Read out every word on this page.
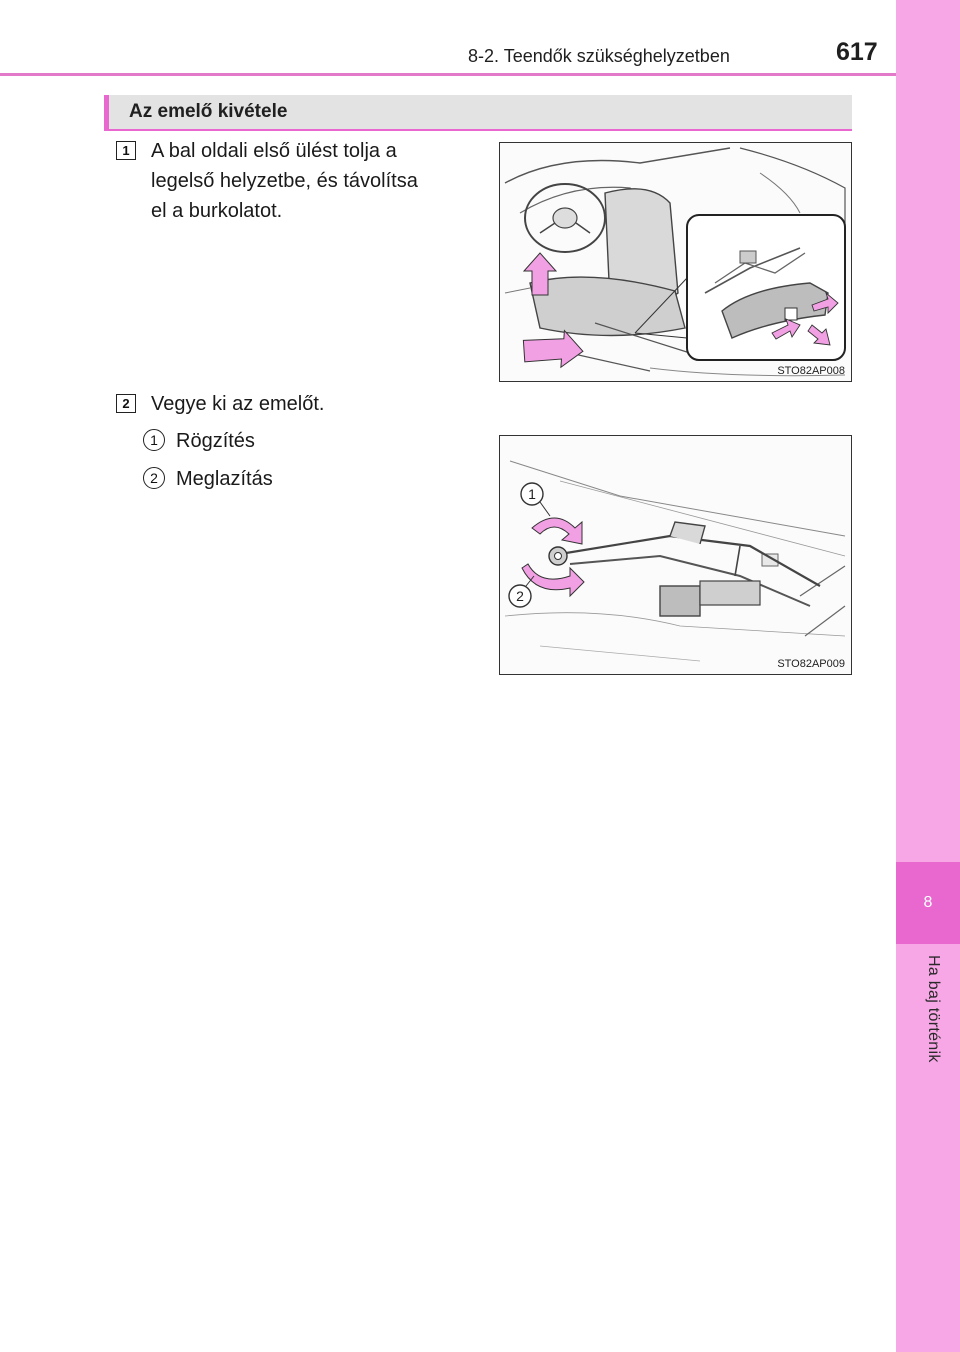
8
Ha baj történik
8-2. Teendők szükséghelyzetben	617
Az emelő kivétele
1	A bal oldali első ülést tolja a
legelső helyzetbe, és távolítsa
el a burkolatot.
STO82AP008
2	Vegye ki az emelőt.
1 Rögzítés
2 Meglazítás
1
2
STO82AP009
